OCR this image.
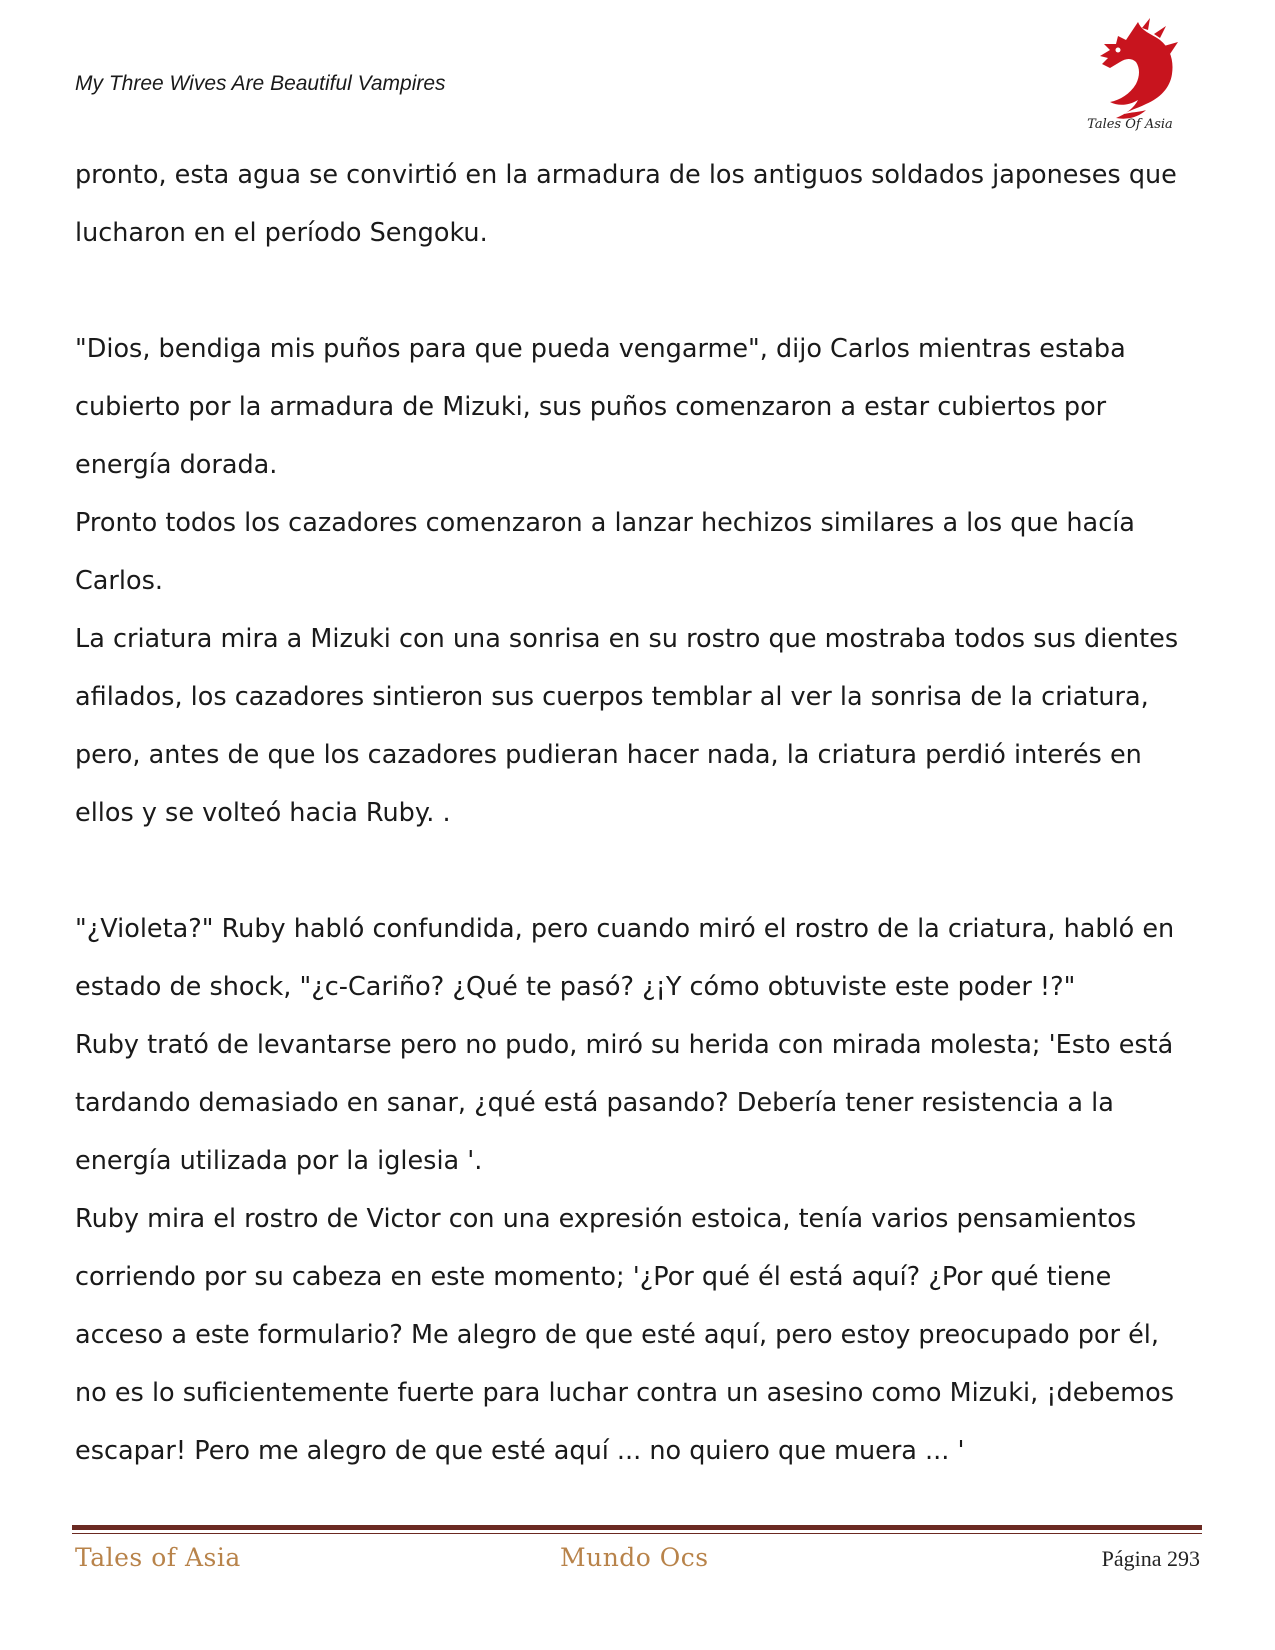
My Three Wives Are Beautiful Vampires
Tales Of Asia

pronto, esta agua se convirtió en la armadura de los antiguos soldados japoneses que

lucharon en el período Sengoku.

"Dios, bendiga mis puños para que pueda vengarme", dijo Carlos mientras estaba

cubierto por la armadura de Mizuki, sus puños comenzaron a estar cubiertos por

energía dorada.

Pronto todos los cazadores comenzaron a lanzar hechizos similares a los que hacía

Carlos.

La criatura mira a Mizuki con una sonrisa en su rostro que mostraba todos sus dientes

afilados, los cazadores sintieron sus cuerpos temblar al ver la sonrisa de la criatura,

pero, antes de que los cazadores pudieran hacer nada, la criatura perdió interés en

ellos y se volteó hacia Ruby. .

"¿Violeta?" Ruby habló confundida, pero cuando miró el rostro de la criatura, habló en

estado de shock, "¿c-Cariño? ¿Qué te pasó? ¿¡Y cómo obtuviste este poder !?"

Ruby trató de levantarse pero no pudo, miró su herida con mirada molesta; 'Esto está

tardando demasiado en sanar, ¿qué está pasando? Debería tener resistencia a la

energía utilizada por la iglesia '.

Ruby mira el rostro de Victor con una expresión estoica, tenía varios pensamientos

corriendo por su cabeza en este momento; '¿Por qué él está aquí? ¿Por qué tiene

acceso a este formulario? Me alegro de que esté aquí, pero estoy preocupado por él,

no es lo suficientemente fuerte para luchar contra un asesino como Mizuki, ¡debemos

escapar! Pero me alegro de que esté aquí ... no quiero que muera ... '

Tales of Asia	Mundo Ocs	Página 293
